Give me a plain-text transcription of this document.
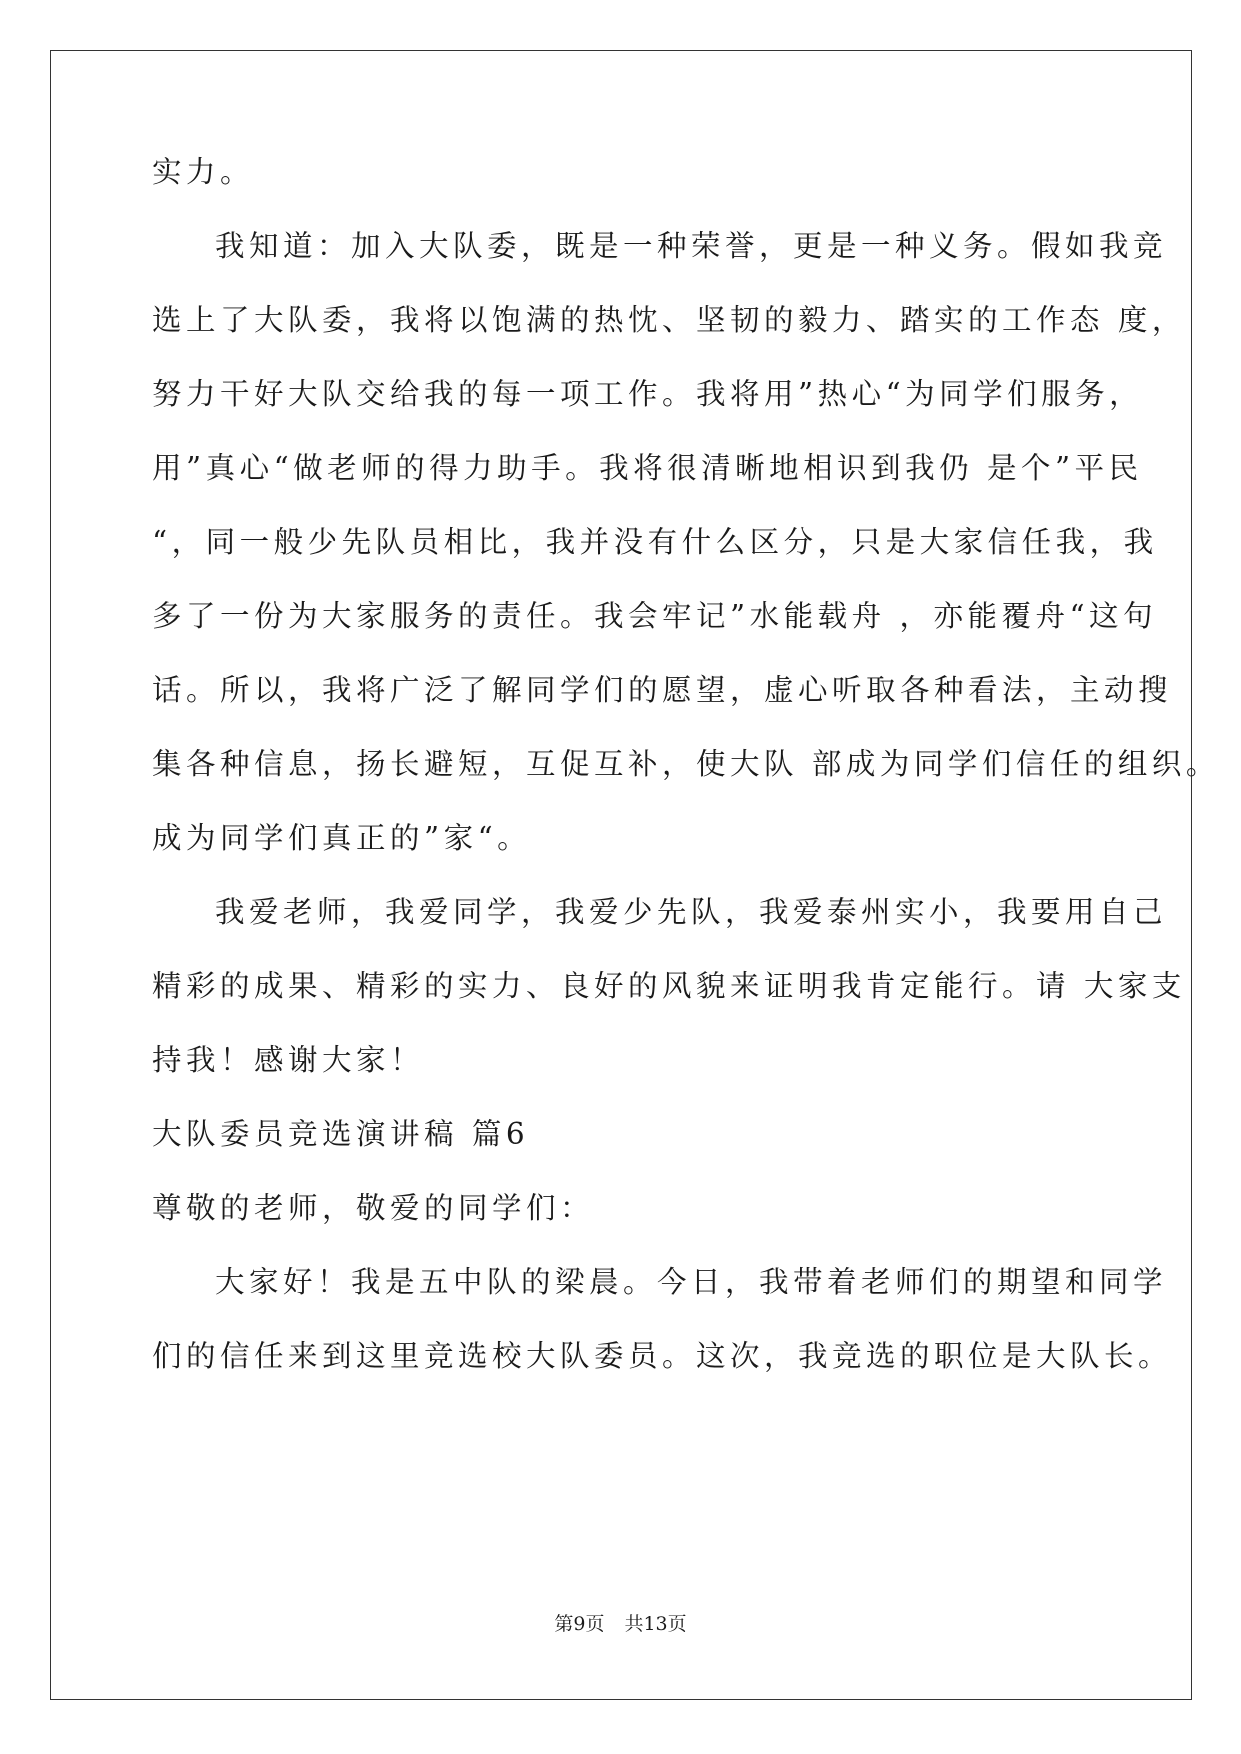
实力。
我知道：加入大队委，既是一种荣誉，更是一种义务。假如我竞
选上了大队委，我将以饱满的热忱、坚韧的毅力、踏实的工作态 度，
努力干好大队交给我的每一项工作。我将用”热心“为同学们服务，
用”真心“做老师的得力助手。我将很清晰地相识到我仍 是个”平民
“，同一般少先队员相比，我并没有什么区分，只是大家信任我，我
多了一份为大家服务的责任。我会牢记”水能载舟 ，亦能覆舟“这句
话。所以，我将广泛了解同学们的愿望，虚心听取各种看法，主动搜
集各种信息，扬长避短，互促互补，使大队 部成为同学们信任的组织。
成为同学们真正的”家“。
我爱老师，我爱同学，我爱少先队，我爱泰州实小，我要用自己
精彩的成果、精彩的实力、良好的风貌来证明我肯定能行。请 大家支
持我！感谢大家！
大队委员竞选演讲稿 篇6
尊敬的老师，敬爱的同学们：
大家好！我是五中队的梁晨。今日，我带着老师们的期望和同学
们的信任来到这里竞选校大队委员。这次，我竞选的职位是大队长。
第9页 共13页
